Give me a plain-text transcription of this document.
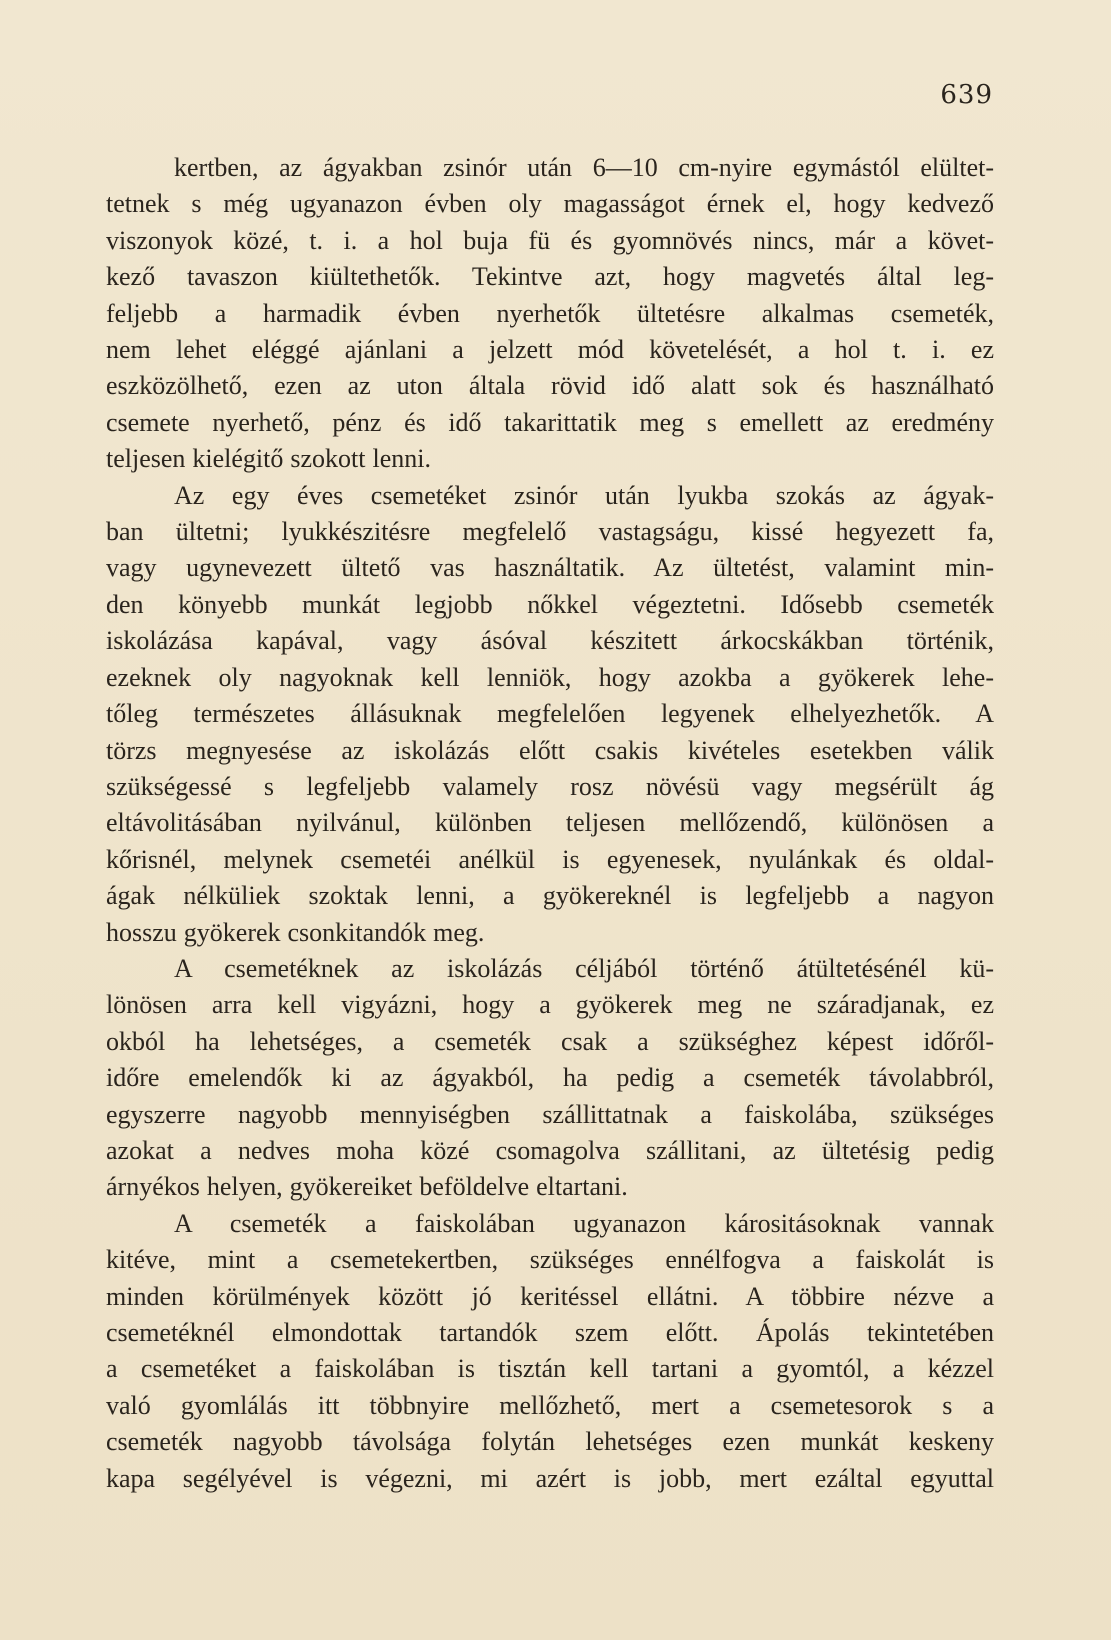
639
kertben, az ágyakban zsinór után 6—10 cm-nyire egymástól elültet-
tetnek s még ugyanazon évben oly magasságot érnek el, hogy kedvező
viszonyok közé, t. i. a hol buja fü és gyomnövés nincs, már a követ-
kező tavaszon kiültethetők. Tekintve azt, hogy magvetés által leg-
feljebb a harmadik évben nyerhetők ültetésre alkalmas csemeték,
nem lehet eléggé ajánlani a jelzett mód követelését, a hol t. i. ez
eszközölhető, ezen az uton általa rövid idő alatt sok és használható
csemete nyerhető, pénz és idő takarittatik meg s emellett az eredmény
teljesen kielégitő szokott lenni.
Az egy éves csemetéket zsinór után lyukba szokás az ágyak-
ban ültetni; lyukkészitésre megfelelő vastagságu, kissé hegyezett fa,
vagy ugynevezett ültető vas használtatik. Az ültetést, valamint min-
den könyebb munkát legjobb nőkkel végeztetni. Idősebb csemeték
iskolázása kapával, vagy ásóval készitett árkocskákban történik,
ezeknek oly nagyoknak kell lenniök, hogy azokba a gyökerek lehe-
tőleg természetes állásuknak megfelelően legyenek elhelyezhetők. A
törzs megnyesése az iskolázás előtt csakis kivételes esetekben válik
szükségessé s legfeljebb valamely rosz növésü vagy megsérült ág
eltávolitásában nyilvánul, különben teljesen mellőzendő, különösen a
kőrisnél, melynek csemetéi anélkül is egyenesek, nyulánkak és oldal-
ágak nélküliek szoktak lenni, a gyökereknél is legfeljebb a nagyon
hosszu gyökerek csonkitandók meg.
A csemetéknek az iskolázás céljából történő átültetésénél kü-
lönösen arra kell vigyázni, hogy a gyökerek meg ne száradjanak, ez
okból ha lehetséges, a csemeték csak a szükséghez képest időről-
időre emelendők ki az ágyakból, ha pedig a csemeték távolabbról,
egyszerre nagyobb mennyiségben szállittatnak a faiskolába, szükséges
azokat a nedves moha közé csomagolva szállitani, az ültetésig pedig
árnyékos helyen, gyökereiket beföldelve eltartani.
A csemeték a faiskolában ugyanazon kárositásoknak vannak
kitéve, mint a csemetekertben, szükséges ennélfogva a faiskolát is
minden körülmények között jó keritéssel ellátni. A többire nézve a
csemetéknél elmondottak tartandók szem előtt. Ápolás tekintetében
a csemetéket a faiskolában is tisztán kell tartani a gyomtól, a kézzel
való gyomlálás itt többnyire mellőzhető, mert a csemetesorok s a
csemeték nagyobb távolsága folytán lehetséges ezen munkát keskeny
kapa segélyével is végezni, mi azért is jobb, mert ezáltal egyuttal
